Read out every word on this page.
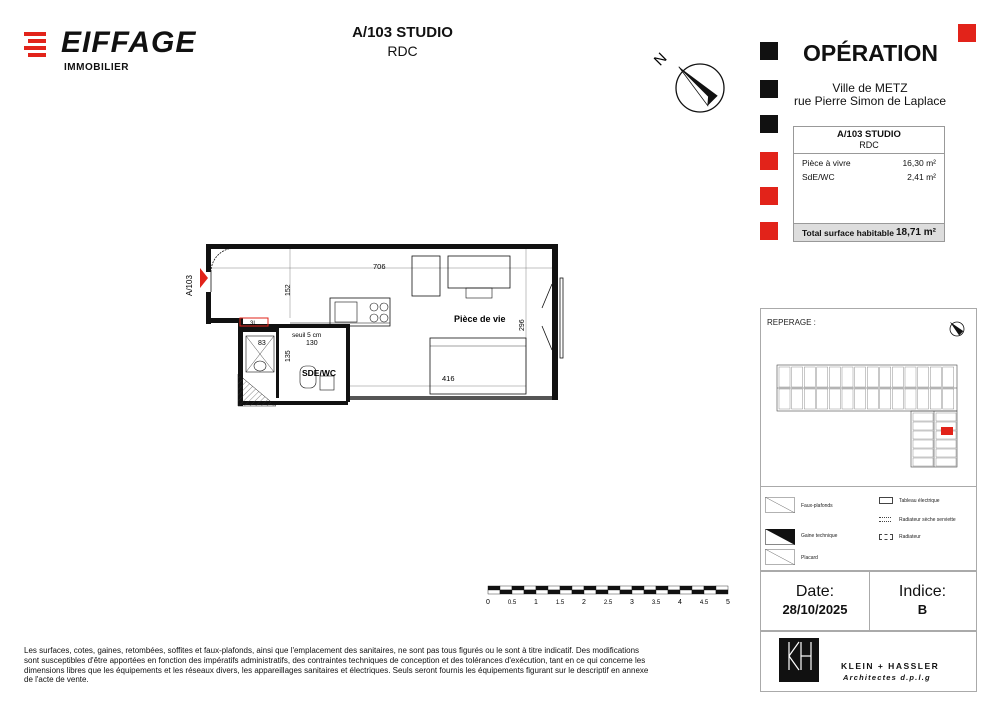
EIFFAGE
IMMOBILIER
A/103 STUDIO
RDC	N	OPÉRATION
Ville de METZ
rue Pierre Simon de Laplace
A/103 STUDIO
RDC
Pièce à vivre	16,30 m²
SdE/WC	2,41 m²
Total surface habitable 18,71 m²
A/103
706
152
296
416
Pièce de vie
83	130
seuil 5 cm
135
SDE/WC
3L	REPERAGE :
Faux-plafonds
Gaine technique
Placard
Tableau électrique
Radiateur sèche serviette
Radiateur
Date:
28/10/2025
Indice:
B
KLEIN + HASSLER
Architectes d.p.l.g
0	0.5	1	1.5	2	2.5	3	3.5	4	4.5	5
Les surfaces, cotes, gaines, retombées, soffites et faux-plafonds, ainsi que l'emplacement des sanitaires, ne sont pas tous figurés ou le sont à titre indicatif. Des modifications sont susceptibles d'être apportées en fonction des impératifs administratifs, des contraintes techniques de conception et des tolérances d'exécution, tant en ce qui concerne les dimensions libres que les équipements et les réseaux divers, les appareillages sanitaires et électriques. Seuls seront fournis les équipements figurant sur le descriptif en annexe de l'acte de vente.
